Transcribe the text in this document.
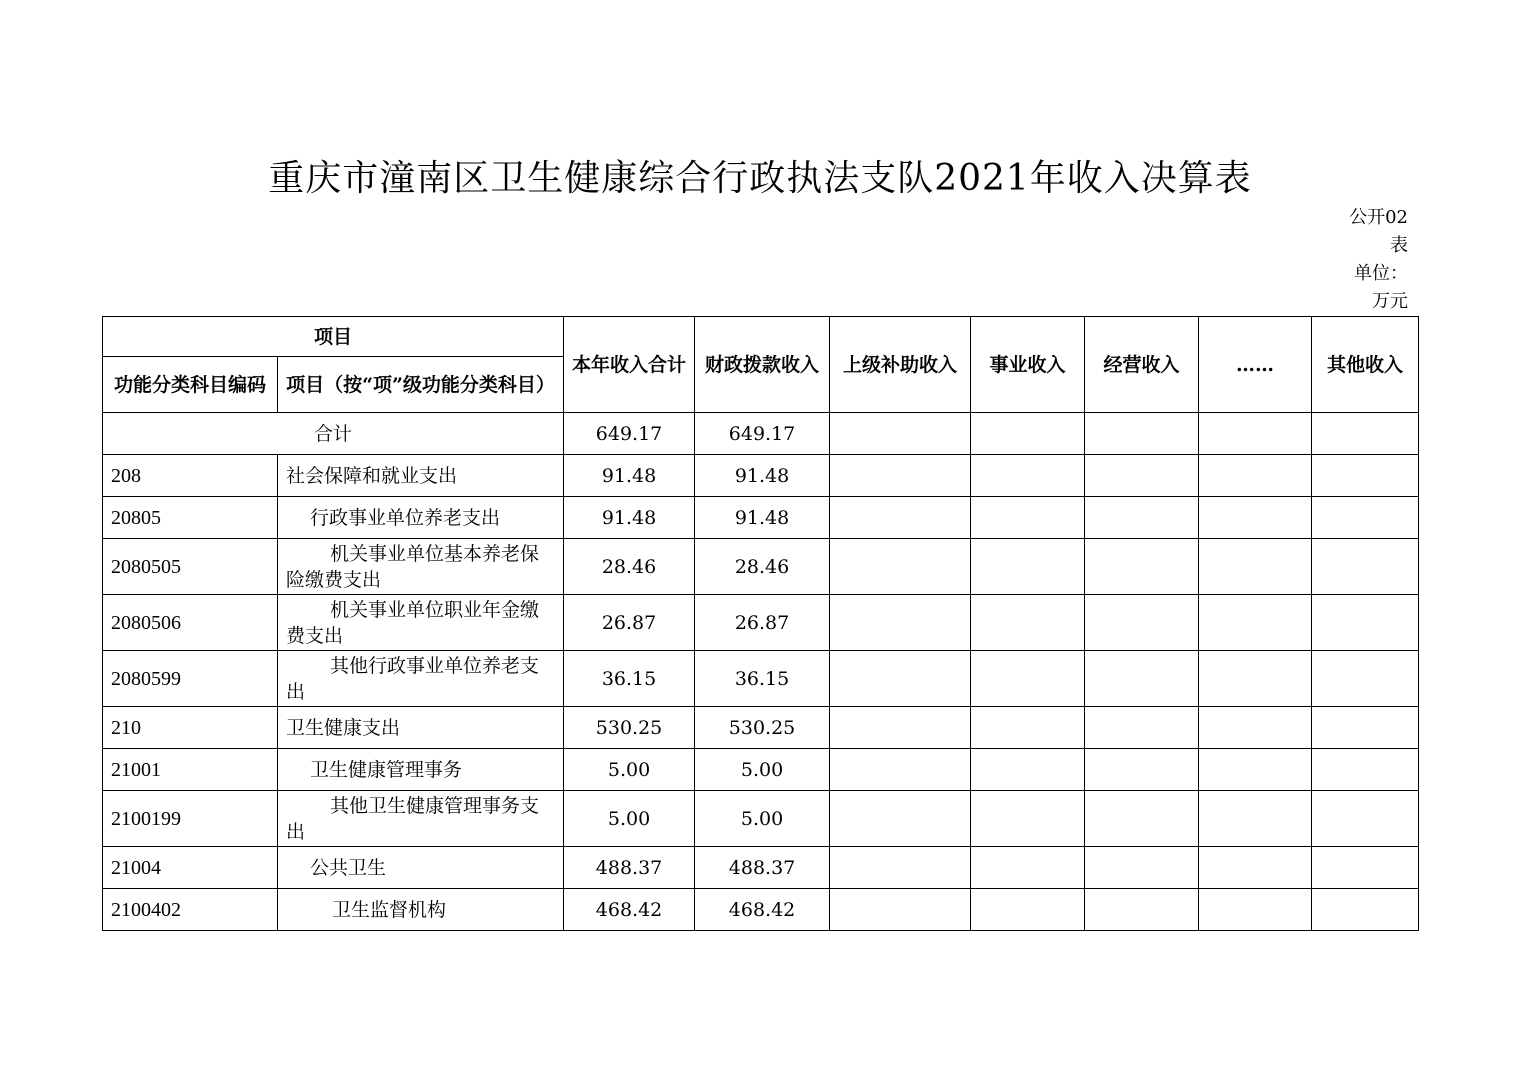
重庆市潼南区卫生健康综合行政执法支队2021年收入决算表
公开02
表
单位：
万元
项目		本年收入合计	财政拨款收入	上级补助收入	事业收入	经营收入	……	其他收入
功能分类科目编码	项目（按“项”级功能分类科目）							
合计		649.17	649.17					
208	社会保障和就业支出	91.48	91.48					
20805	行政事业单位养老支出	91.48	91.48					
2080505	机关事业单位基本养老保险缴费支出	28.46	28.46					
2080506	机关事业单位职业年金缴费支出	26.87	26.87					
2080599	其他行政事业单位养老支出	36.15	36.15					
210	卫生健康支出	530.25	530.25					
21001	卫生健康管理事务	5.00	5.00					
2100199	其他卫生健康管理事务支出	5.00	5.00					
21004	公共卫生	488.37	488.37					
2100402	卫生监督机构	468.42	468.42					
